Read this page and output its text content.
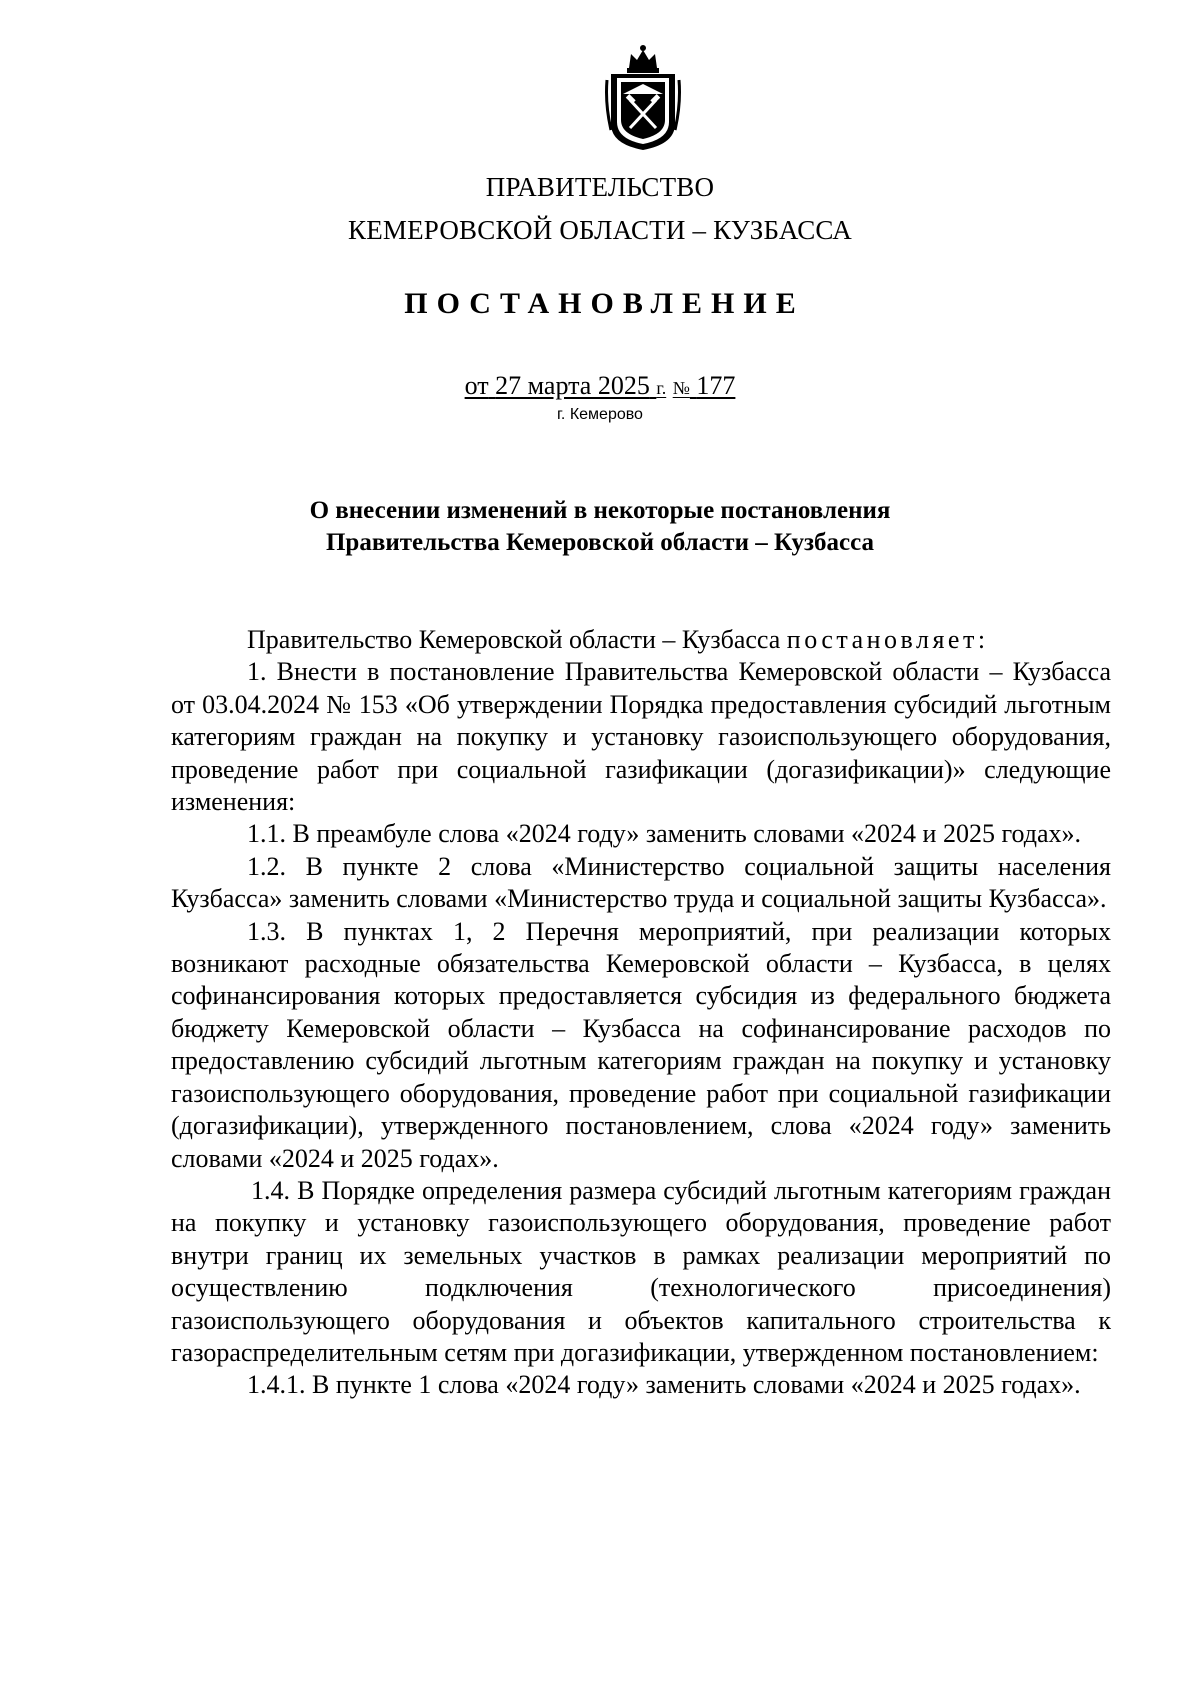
ПРАВИТЕЛЬСТВО
КЕМЕРОВСКОЙ ОБЛАСТИ – КУЗБАССА
ПОСТАНОВЛЕНИЕ
от 27 марта 2025 г. № 177
г. Кемерово
О внесении изменений в некоторые постановления
Правительства Кемеровской области – Кузбасса

Правительство Кемеровской области – Кузбасса постановляет:

1. Внести в постановление Правительства Кемеровской области – Кузбасса от 03.04.2024 № 153 «Об утверждении Порядка предоставления субсидий льготным категориям граждан на покупку и установку газоиспользующего оборудования, проведение работ при социальной газификации (догазификации)» следующие изменения:

1.1. В преамбуле слова «2024 году» заменить словами «2024 и 2025 годах».

1.2. В пункте 2 слова «Министерство социальной защиты населения Кузбасса» заменить словами «Министерство труда и социальной защиты Кузбасса».

1.3. В пунктах 1, 2 Перечня мероприятий, при реализации которых возникают расходные обязательства Кемеровской области – Кузбасса, в целях софинансирования которых предоставляется субсидия из федерального бюджета бюджету Кемеровской области – Кузбасса на софинансирование расходов по предоставлению субсидий льготным категориям граждан на покупку и установку газоиспользующего оборудования, проведение работ при социальной газификации (догазификации), утвержденного постановлением, слова «2024 году» заменить словами «2024 и 2025 годах».

1.4. В Порядке определения размера субсидий льготным категориям граждан на покупку и установку газоиспользующего оборудования, проведение работ внутри границ их земельных участков в рамках реализации мероприятий по осуществлению подключения (технологического присоединения) газоиспользующего оборудования и объектов капитального строительства к газораспределительным сетям при догазификации, утвержденном постановлением:

1.4.1. В пункте 1 слова «2024 году» заменить словами «2024 и 2025 годах».
